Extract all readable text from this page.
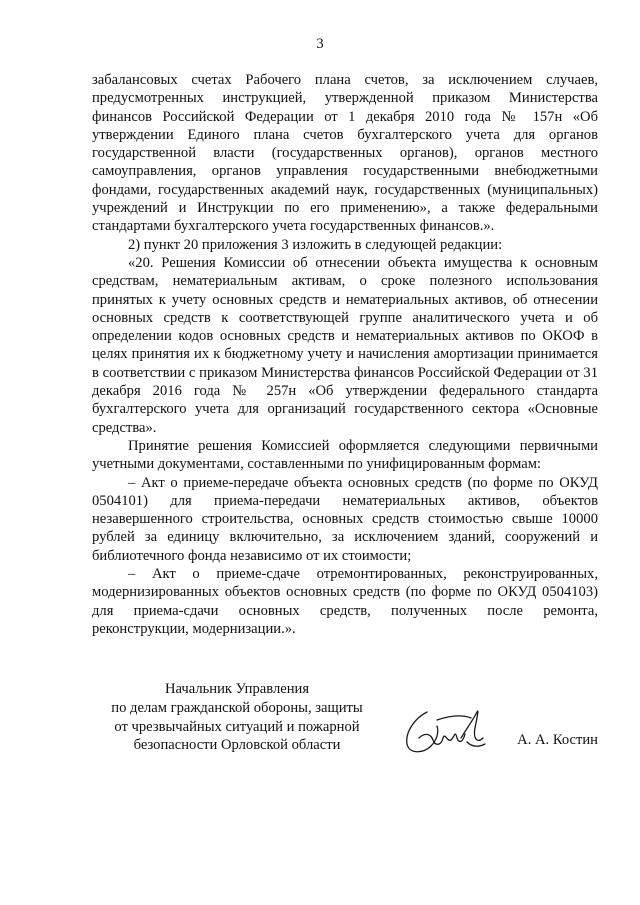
3

забалансовых счетах Рабочего плана счетов, за исключением случаев, предусмотренных инструкцией, утвержденной приказом Министерства финансов Российской Федерации от 1 декабря 2010 года № 157н «Об утверждении Единого плана счетов бухгалтерского учета для органов государственной власти (государственных органов), органов местного самоуправления, органов управления государственными внебюджетными фондами, государственных академий наук, государственных (муниципальных) учреждений и Инструкции по его применению», а также федеральными стандартами бухгалтерского учета государственных финансов.».

2) пункт 20 приложения 3 изложить в следующей редакции:

«20. Решения Комиссии об отнесении объекта имущества к основным средствам, нематериальным активам, о сроке полезного использования принятых к учету основных средств и нематериальных активов, об отнесении основных средств к соответствующей группе аналитического учета и об определении кодов основных средств и нематериальных активов по ОКОФ в целях принятия их к бюджетному учету и начисления амортизации принимается в соответствии с приказом Министерства финансов Российской Федерации от 31 декабря 2016 года № 257н «Об утверждении федерального стандарта бухгалтерского учета для организаций государственного сектора «Основные средства».

Принятие решения Комиссией оформляется следующими первичными учетными документами, составленными по унифицированным формам:

– Акт о приеме-передаче объекта основных средств (по форме по ОКУД 0504101) для приема-передачи нематериальных активов, объектов незавершенного строительства, основных средств стоимостью свыше 10000 рублей за единицу включительно, за исключением зданий, сооружений и библиотечного фонда независимо от их стоимости;

– Акт о приеме-сдаче отремонтированных, реконструированных, модернизированных объектов основных средств (по форме по ОКУД 0504103) для приема-сдачи основных средств, полученных после ремонта, реконструкции, модернизации.».

Начальник Управления
по делам гражданской обороны, защиты
от чрезвычайных ситуаций и пожарной
безопасности Орловской области	А. А. Костин
